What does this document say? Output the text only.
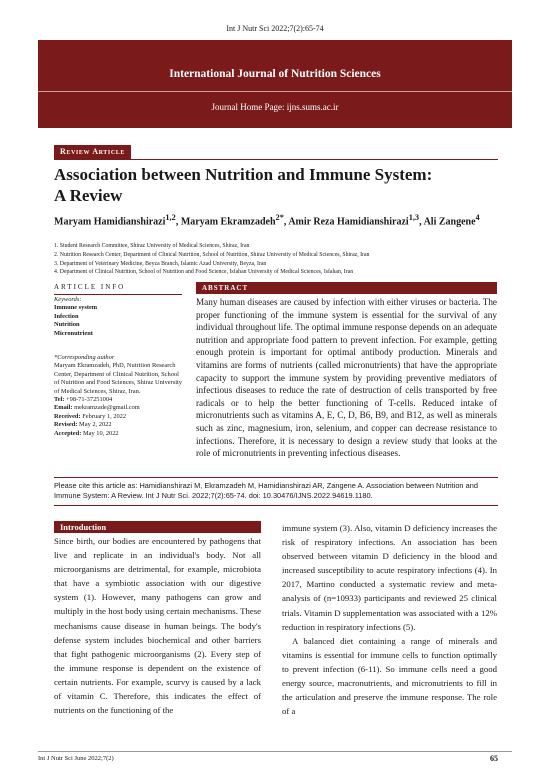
Int J Nutr Sci 2022;7(2):65-74
International Journal of Nutrition Sciences
Journal Home Page: ijns.sums.ac.ir
Review Article
Association between Nutrition and Immune System:
A Review
Maryam Hamidianshirazi$^{1,2}$, Maryam Ekramzadeh$^{2*}$, Amir Reza Hamidianshirazi$^{1,3}$, Ali Zangene$^4$
1. Student Research Committee, Shiraz University of Medical Sciences, Shiraz, Iran
2. Nutrition Research Center, Department of Clinical Nutrition, School of Nutrition, Shiraz University of Medical Sciences, Shiraz, Iran
3. Department of Veterinary Medicine, Beyza Branch, Islamic Azad University, Beyza, Iran
4. Department of Clinical Nutrition, School of Nutrition and Food Science, Isfahan University of Medical Sciences, Isfahan, Iran
ARTICLE INFO	ABSTRACT
Keywords:
Immune system
Infection
Nutrition
Micronutrient
*Corresponding author
Maryam Ekramzadeh, PhD, Nutrition Research Center, Department of Clinical Nutrition, School of Nutrition and Food Sciences, Shiraz University of Medical Sciences, Shiraz, Iran.
Tel: +98-71-37251004
Email: mekramzade@gmail.com
Received: February 1, 2022
Revised: May 2, 2022
Accepted: May 10, 2022
Many human diseases are caused by infection with either viruses or bacteria. The proper functioning of the immune system is essential for the survival of any individual throughout life. The optimal immune response depends on an adequate nutrition and appropriate food pattern to prevent infection. For example, getting enough protein is important for optimal antibody production. Minerals and vitamins are forms of nutrients (called micronutrients) that have the appropriate capacity to support the immune system by providing preventive mediators of infectious diseases to reduce the rate of destruction of cells transported by free radicals or to help the better functioning of T-cells. Reduced intake of micronutrients such as vitamins A, E, C, D, B6, B9, and B12, as well as minerals such as zinc, magnesium, iron, selenium, and copper can decrease resistance to infections. Therefore, it is necessary to design a review study that looks at the role of micronutrients in preventing infectious diseases.
Please cite this article as: Hamidianshirazi M, Ekramzadeh M, Hamidianshirazi AR, Zangene A. Association between Nutrition and Immune System: A Review. Int J Nutr Sci. 2022;7(2):65-74. doi: 10.30476/IJNS.2022.94619.1180.
Introduction
Since birth, our bodies are encountered by pathogens that live and replicate in an individual's body. Not all microorganisms are detrimental, for example, microbiota that have a symbiotic association with our digestive system (1). However, many pathogens can grow and multiply in the host body using certain mechanisms. These mechanisms cause disease in human beings. The body's defense system includes biochemical and other barriers that fight pathogenic microorganisms (2). Every step of the immune response is dependent on the existence of certain nutrients. For example, scurvy is caused by a lack of vitamin C. Therefore, this indicates the effect of nutrients on the functioning of the

immune system (3). Also, vitamin D deficiency increases the risk of respiratory infections. An association has been observed between vitamin D deficiency in the blood and increased susceptibility to acute respiratory infections (4). In 2017, Martino conducted a systematic review and meta-analysis of (n=10933) participants and reviewed 25 clinical trials. Vitamin D supplementation was associated with a 12% reduction in respiratory infections (5).

A balanced diet containing a range of minerals and vitamins is essential for immune cells to function optimally to prevent infection (6-11). So immune cells need a good energy source, macronutrients, and micronutrients to fill in the articulation and preserve the immune response. The role of a

Int J Nutr Sci June 2022;7(2)	65
